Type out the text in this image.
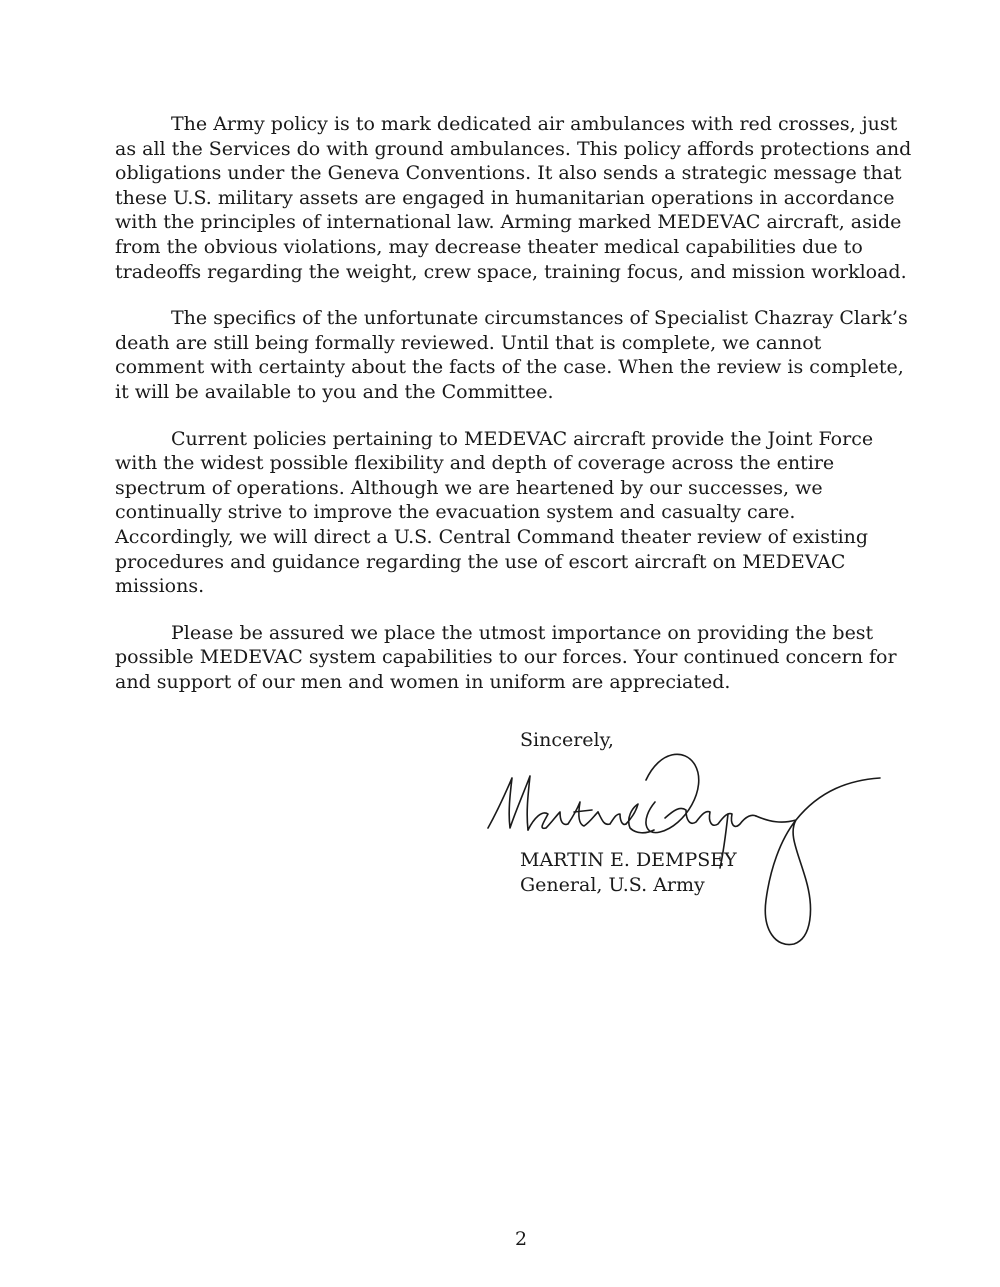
The Army policy is to mark dedicated air ambulances with red crosses, just as all the Services do with ground ambulances. This policy affords protections and obligations under the Geneva Conventions. It also sends a strategic message that these U.S. military assets are engaged in humanitarian operations in accordance with the principles of international law. Arming marked MEDEVAC aircraft, aside from the obvious violations, may decrease theater medical capabilities due to tradeoffs regarding the weight, crew space, training focus, and mission workload.

The specifics of the unfortunate circumstances of Specialist Chazray Clark’s death are still being formally reviewed. Until that is complete, we cannot comment with certainty about the facts of the case. When the review is complete, it will be available to you and the Committee.

Current policies pertaining to MEDEVAC aircraft provide the Joint Force with the widest possible flexibility and depth of coverage across the entire spectrum of operations. Although we are heartened by our successes, we continually strive to improve the evacuation system and casualty care. Accordingly, we will direct a U.S. Central Command theater review of existing procedures and guidance regarding the use of escort aircraft on MEDEVAC missions.

Please be assured we place the utmost importance on providing the best possible MEDEVAC system capabilities to our forces. Your continued concern for and support of our men and women in uniform are appreciated.

Sincerely,
MARTIN E. DEMPSEY
General, U.S. Army
2
